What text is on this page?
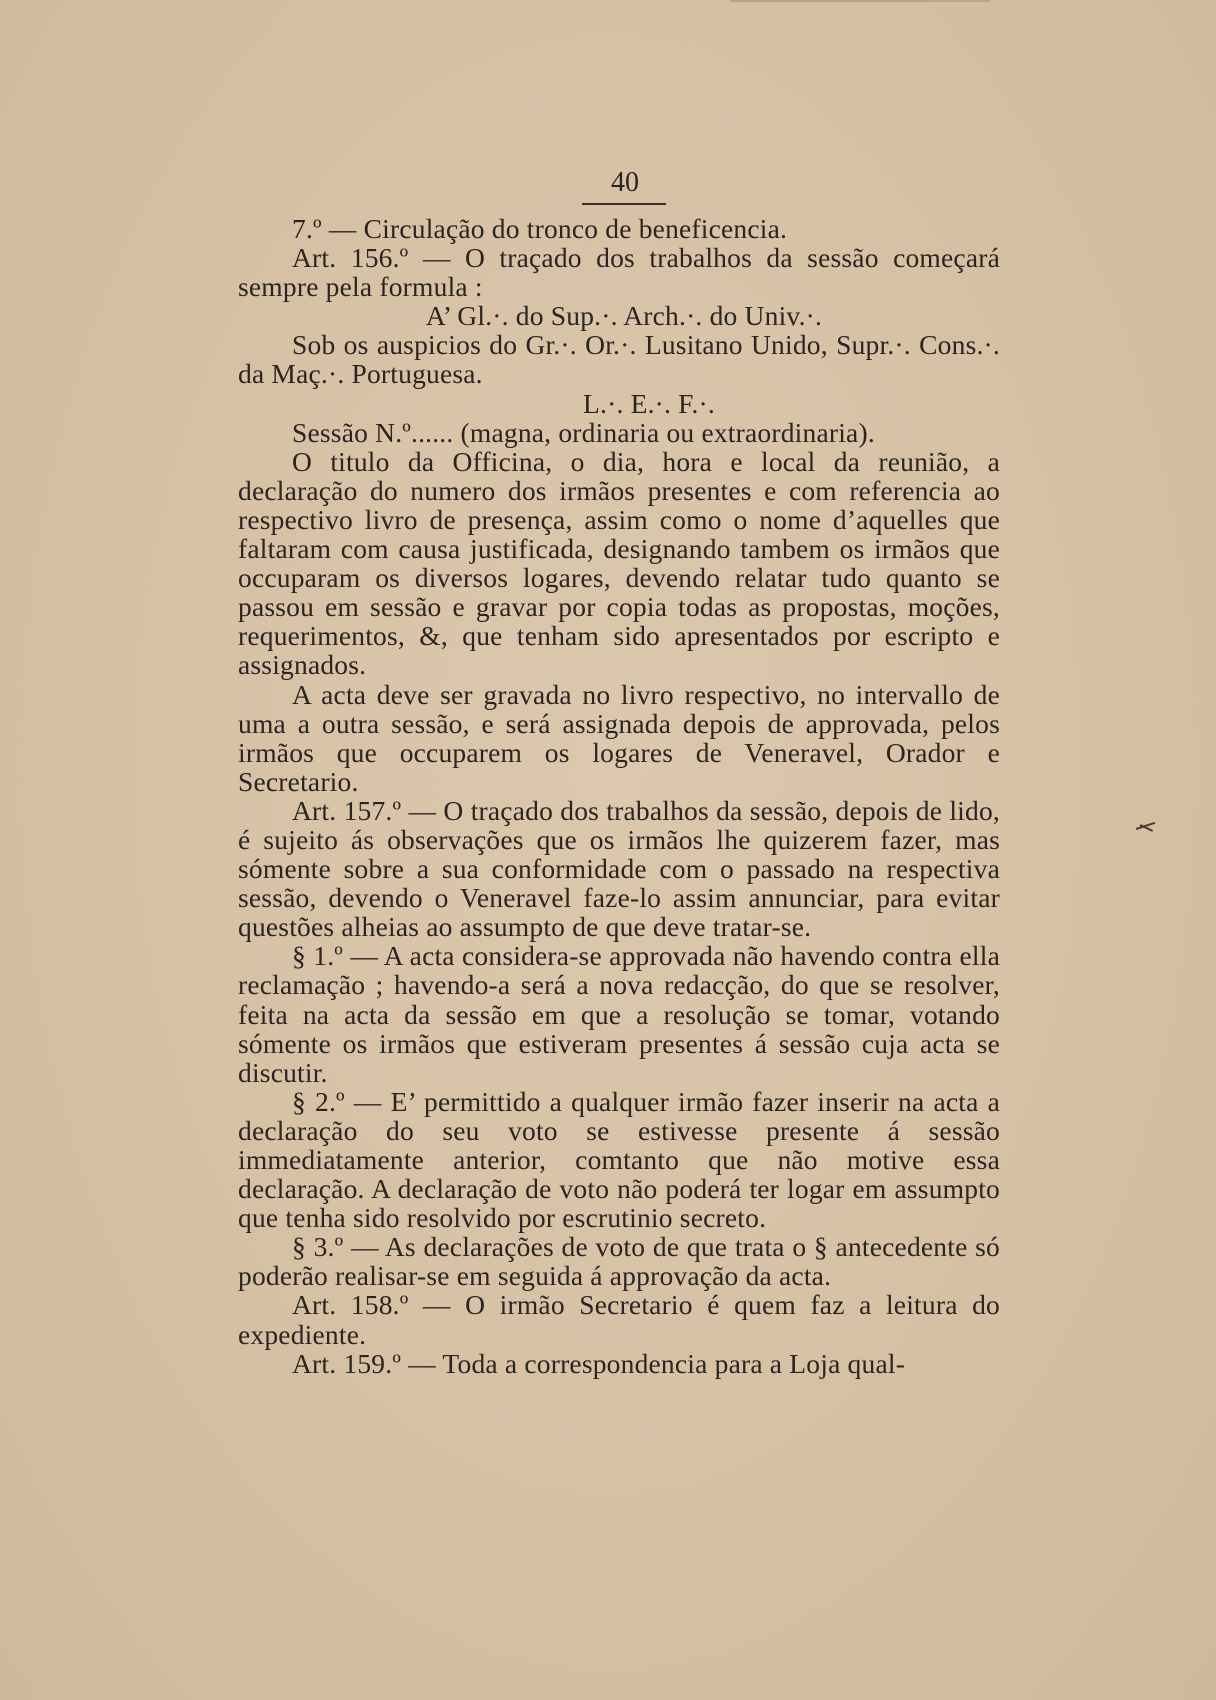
40

7.º — Circulação do tronco de beneficencia.

Art. 156.º — O traçado dos trabalhos da sessão começará sempre pela formula :

A’ Gl.·. do Sup.·. Arch.·. do Univ.·.

Sob os auspicios do Gr.·. Or.·. Lusitano Unido, Supr.·. Cons.·. da Maç.·. Portuguesa.

L.·. E.·. F.·.

Sessão N.º...... (magna, ordinaria ou extraordinaria).

O titulo da Officina, o dia, hora e local da reunião, a declaração do numero dos irmãos presentes e com referencia ao respectivo livro de presença, assim como o nome d’aquelles que faltaram com causa justificada, designando tambem os irmãos que occuparam os diversos logares, devendo relatar tudo quanto se passou em sessão e gravar por copia todas as propostas, moções, requerimentos, &, que tenham sido apresentados por escripto e assignados.

A acta deve ser gravada no livro respectivo, no intervallo de uma a outra sessão, e será assignada depois de approvada, pelos irmãos que occuparem os logares de Veneravel, Orador e Secretario.

Art. 157.º — O traçado dos trabalhos da sessão, depois de lido, é sujeito ás observações que os irmãos lhe quizerem fazer, mas sómente sobre a sua conformidade com o passado na respectiva sessão, devendo o Veneravel faze-lo assim annunciar, para evitar questões alheias ao assumpto de que deve tratar-se.

§ 1.º — A acta considera-se approvada não havendo contra ella reclamação ; havendo-a será a nova redacção, do que se resolver, feita na acta da sessão em que a resolução se tomar, votando sómente os irmãos que estiveram presentes á sessão cuja acta se discutir.

§ 2.º — E’ permittido a qualquer irmão fazer inserir na acta a declaração do seu voto se estivesse presente á sessão immediatamente anterior, comtanto que não motive essa declaração. A declaração de voto não poderá ter logar em assumpto que tenha sido resolvido por escrutinio secreto.

§ 3.º — As declarações de voto de que trata o § antecedente só poderão realisar-se em seguida á approvação da acta.

Art. 158.º — O irmão Secretario é quem faz a leitura do expediente.

Art. 159.º — Toda a correspondencia para a Loja qual-
